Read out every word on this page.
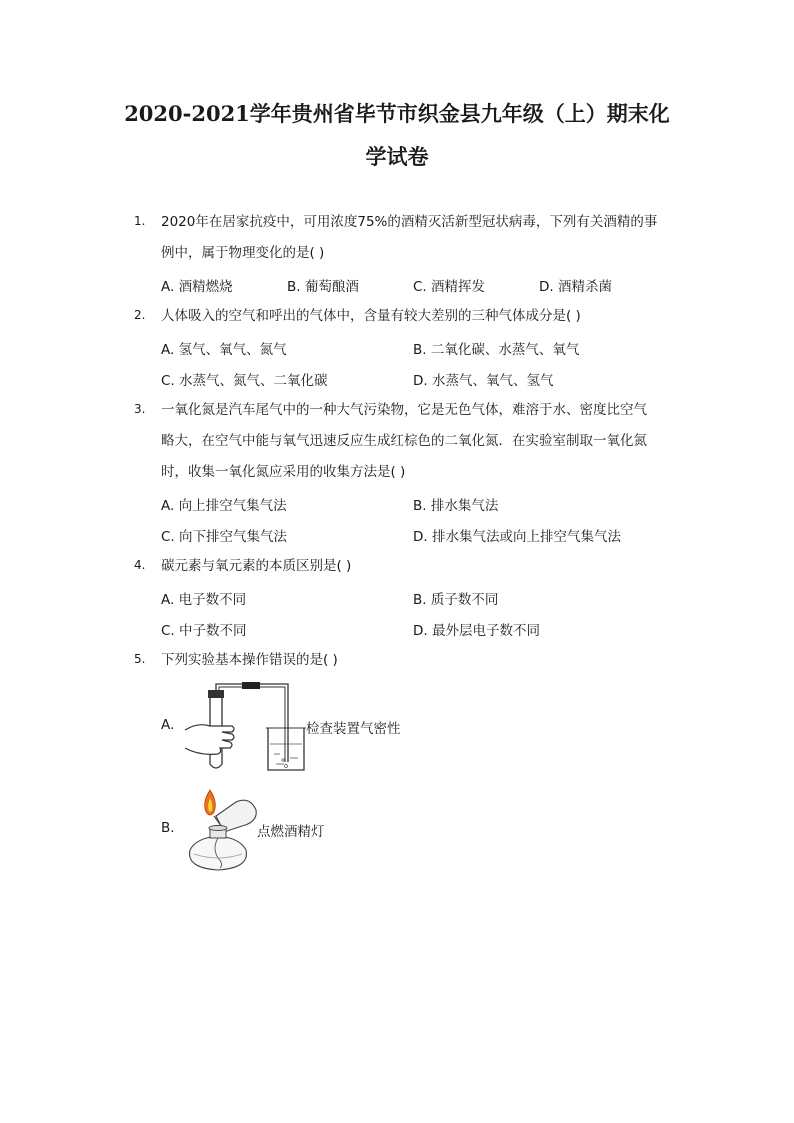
2020-2021学年贵州省毕节市织金县九年级（上）期末化
学试卷
1. 2020年在居家抗疫中，可用浓度75%的酒精灭活新型冠状病毒，下列有关酒精的事
例中，属于物理变化的是( )
A. 酒精燃烧	B. 葡萄酿酒	C. 酒精挥发	D. 酒精杀菌
2. 人体吸入的空气和呼出的气体中，含量有较大差别的三种气体成分是( )
A. 氢气、氧气、氮气	B. 二氧化碳、水蒸气、氧气
C. 水蒸气、氮气、二氧化碳	D. 水蒸气、氧气、氢气
3. 一氧化氮是汽车尾气中的一种大气污染物，它是无色气体，难溶于水、密度比空气
略大，在空气中能与氧气迅速反应生成红棕色的二氧化氮．在实验室制取一氧化氮
时，收集一氧化氮应采用的收集方法是( )
A. 向上排空气集气法	B. 排水集气法
C. 向下排空气集气法	D. 排水集气法或向上排空气集气法
4. 碳元素与氧元素的本质区别是( )
A. 电子数不同	B. 质子数不同
C. 中子数不同	D. 最外层电子数不同
5. 下列实验基本操作错误的是( )
A.	检查装置气密性
B.	点燃酒精灯
